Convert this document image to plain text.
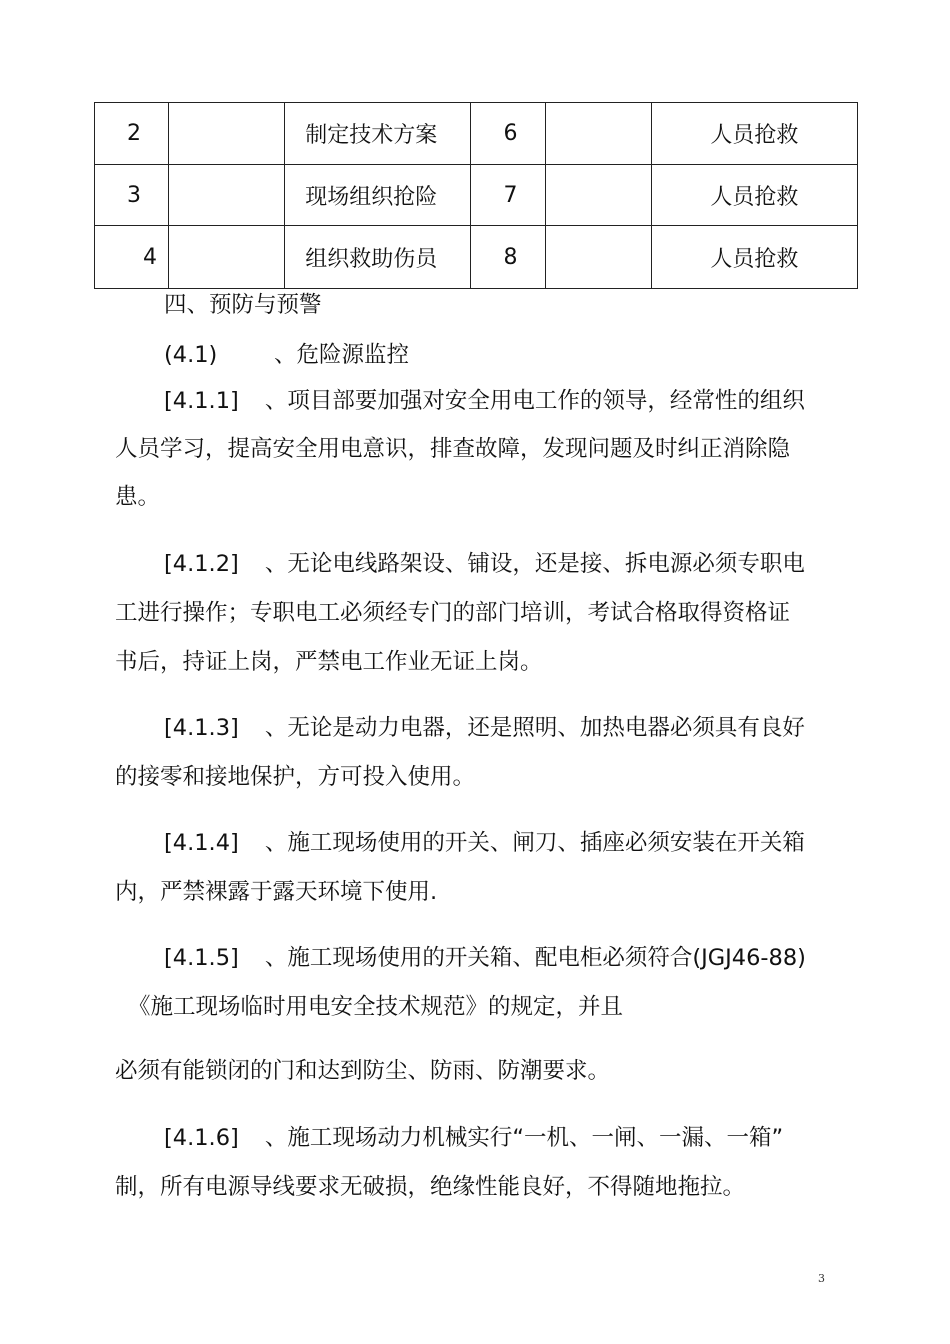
2		制定技术方案	6		人员抢救
3		现场组织抢险	7		人员抢救
4		组织救助伤员	8		人员抢救
四、预防与预警
(4.1)	、危险源监控
[4.1.1] 、项目部要加强对安全用电工作的领导，经常性的组织
人员学习，提高安全用电意识，排查故障，发现问题及时纠正消除隐
患。
[4.1.2] 、无论电线路架设、铺设，还是接、拆电源必须专职电
工进行操作；专职电工必须经专门的部门培训，考试合格取得资格证
书后，持证上岗，严禁电工作业无证上岗。
[4.1.3] 、无论是动力电器，还是照明、加热电器必须具有良好
的接零和接地保护，方可投入使用。
[4.1.4] 、施工现场使用的开关、闸刀、插座必须安装在开关箱
内，严禁裸露于露天环境下使用.
[4.1.5] 、施工现场使用的开关箱、配电柜必须符合(JGJ46-88)
《施工现场临时用电安全技术规范》的规定，并且
必须有能锁闭的门和达到防尘、防雨、防潮要求。
[4.1.6] 、施工现场动力机械实行“一机、一闸、一漏、一箱”
制，所有电源导线要求无破损，绝缘性能良好，不得随地拖拉。
3
